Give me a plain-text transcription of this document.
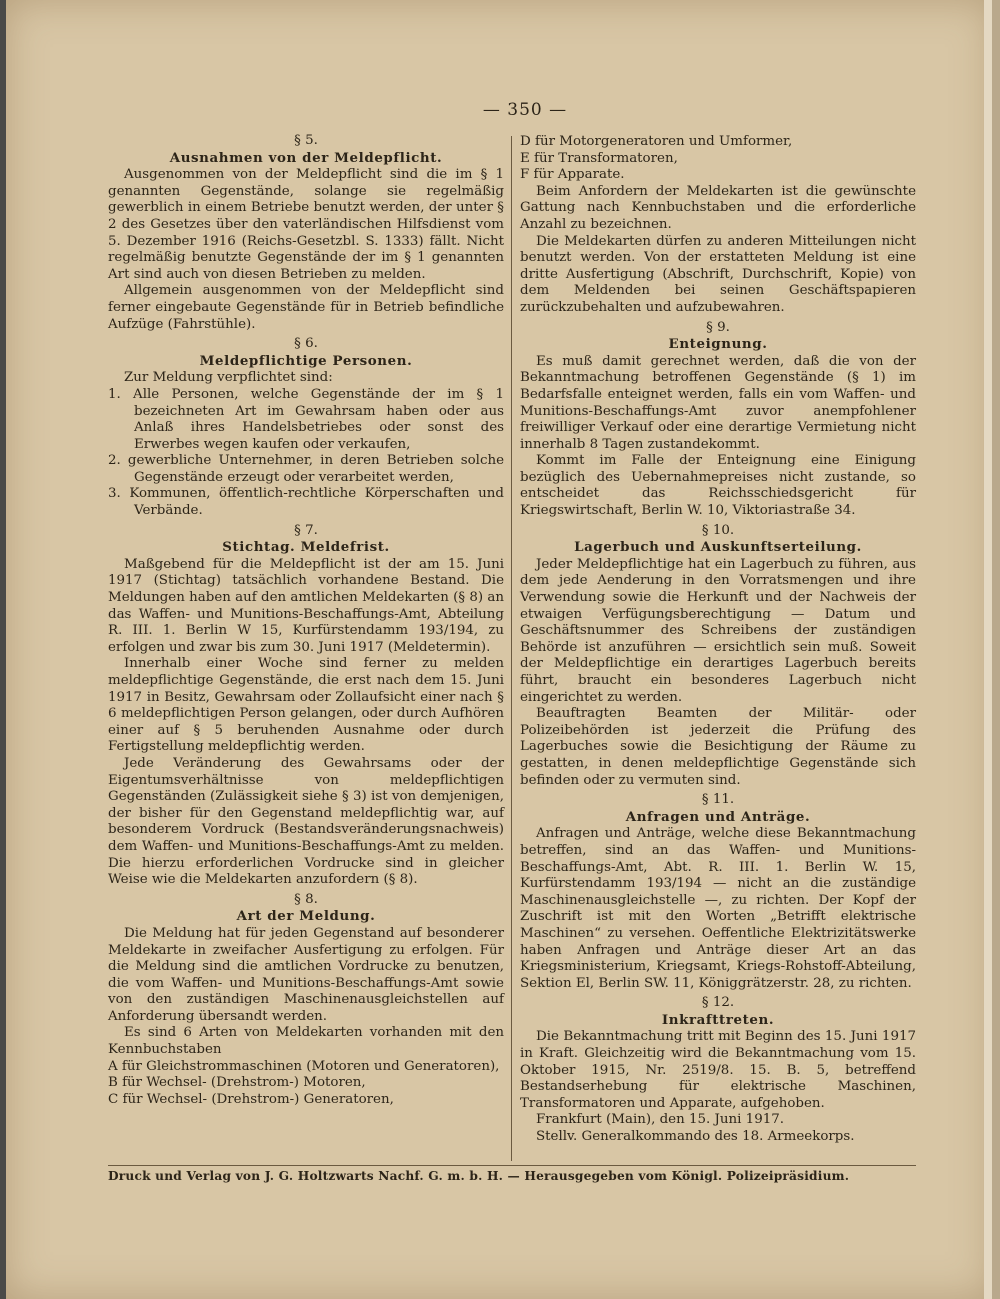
— 350 —
§ 5.
Ausnahmen von der Meldepflicht.

Ausgenommen von der Meldepflicht sind die im § 1 genannten Gegenstände, solange sie regelmäßig gewerblich in einem Betriebe benutzt werden, der unter § 2 des Gesetzes über den vaterländischen Hilfsdienst vom 5. Dezember 1916 (Reichs-Gesetzbl. S. 1333) fällt. Nicht regelmäßig benutzte Gegenstände der im § 1 genannten Art sind auch von diesen Betrieben zu melden.

Allgemein ausgenommen von der Meldepflicht sind ferner eingebaute Gegenstände für in Betrieb befindliche Aufzüge (Fahrstühle).

§ 6.
Meldepflichtige Personen.

Zur Meldung verpflichtet sind:

1. Alle Personen, welche Gegenstände der im § 1 bezeichneten Art im Gewahrsam haben oder aus Anlaß ihres Handelsbetriebes oder sonst des Erwerbes wegen kaufen oder verkaufen,

2. gewerbliche Unternehmer, in deren Betrieben solche Gegenstände erzeugt oder verarbeitet werden,

3. Kommunen, öffentlich-rechtliche Körperschaften und Verbände.

§ 7.
Stichtag. Meldefrist.

Maßgebend für die Meldepflicht ist der am 15. Juni 1917 (Stichtag) tatsächlich vorhandene Bestand. Die Meldungen haben auf den amtlichen Meldekarten (§ 8) an das Waffen- und Munitions-Beschaffungs-Amt, Abteilung R. III. 1. Berlin W 15, Kurfürstendamm 193/194, zu erfolgen und zwar bis zum 30. Juni 1917 (Meldetermin).

Innerhalb einer Woche sind ferner zu melden meldepflichtige Gegenstände, die erst nach dem 15. Juni 1917 in Besitz, Gewahrsam oder Zollaufsicht einer nach § 6 meldepflichtigen Person gelangen, oder durch Aufhören einer auf § 5 beruhenden Ausnahme oder durch Fertigstellung meldepflichtig werden.

Jede Veränderung des Gewahrsams oder der Eigentumsverhältnisse von meldepflichtigen Gegenständen (Zulässigkeit siehe § 3) ist von demjenigen, der bisher für den Gegenstand meldepflichtig war, auf besonderem Vordruck (Bestandsveränderungsnachweis) dem Waffen- und Munitions-Beschaffungs-Amt zu melden. Die hierzu erforderlichen Vordrucke sind in gleicher Weise wie die Meldekarten anzufordern (§ 8).

§ 8.
Art der Meldung.

Die Meldung hat für jeden Gegenstand auf besonderer Meldekarte in zweifacher Ausfertigung zu erfolgen. Für die Meldung sind die amtlichen Vordrucke zu benutzen, die vom Waffen- und Munitions-Beschaffungs-Amt sowie von den zuständigen Maschinenausgleichstellen auf Anforderung übersandt werden.

Es sind 6 Arten von Meldekarten vorhanden mit den Kennbuchstaben

A für Gleichstrommaschinen (Motoren und Generatoren),

B für Wechsel- (Drehstrom-) Motoren,

C für Wechsel- (Drehstrom-) Generatoren,

D für Motorgeneratoren und Umformer,

E für Transformatoren,

F für Apparate.

Beim Anfordern der Meldekarten ist die gewünschte Gattung nach Kennbuchstaben und die erforderliche Anzahl zu bezeichnen.

Die Meldekarten dürfen zu anderen Mitteilungen nicht benutzt werden. Von der erstatteten Meldung ist eine dritte Ausfertigung (Abschrift, Durchschrift, Kopie) von dem Meldenden bei seinen Geschäftspapieren zurückzubehalten und aufzubewahren.

§ 9.
Enteignung.

Es muß damit gerechnet werden, daß die von der Bekanntmachung betroffenen Gegenstände (§ 1) im Bedarfsfalle enteignet werden, falls ein vom Waffen- und Munitions-Beschaffungs-Amt zuvor anempfohlener freiwilliger Verkauf oder eine derartige Vermietung nicht innerhalb 8 Tagen zustandekommt.

Kommt im Falle der Enteignung eine Einigung bezüglich des Uebernahmepreises nicht zustande, so entscheidet das Reichsschiedsgericht für Kriegswirtschaft, Berlin W. 10, Viktoriastraße 34.

§ 10.
Lagerbuch und Auskunftserteilung.

Jeder Meldepflichtige hat ein Lagerbuch zu führen, aus dem jede Aenderung in den Vorratsmengen und ihre Verwendung sowie die Herkunft und der Nachweis der etwaigen Verfügungsberechtigung — Datum und Geschäftsnummer des Schreibens der zuständigen Behörde ist anzuführen — ersichtlich sein muß. Soweit der Meldepflichtige ein derartiges Lagerbuch bereits führt, braucht ein besonderes Lagerbuch nicht eingerichtet zu werden.

Beauftragten Beamten der Militär- oder Polizeibehörden ist jederzeit die Prüfung des Lagerbuches sowie die Besichtigung der Räume zu gestatten, in denen meldepflichtige Gegenstände sich befinden oder zu vermuten sind.

§ 11.
Anfragen und Anträge.

Anfragen und Anträge, welche diese Bekanntmachung betreffen, sind an das Waffen- und Munitions-Beschaffungs-Amt, Abt. R. III. 1. Berlin W. 15, Kurfürstendamm 193/194 — nicht an die zuständige Maschinenausgleichstelle —, zu richten. Der Kopf der Zuschrift ist mit den Worten „Betrifft elektrische Maschinen“ zu versehen. Oeffentliche Elektrizitätswerke haben Anfragen und Anträge dieser Art an das Kriegsministerium, Kriegsamt, Kriegs-Rohstoff-Abteilung, Sektion El, Berlin SW. 11, Königgrätzerstr. 28, zu richten.

§ 12.
Inkrafttreten.

Die Bekanntmachung tritt mit Beginn des 15. Juni 1917 in Kraft. Gleichzeitig wird die Bekanntmachung vom 15. Oktober 1915, Nr. 2519/8. 15. B. 5, betreffend Bestandserhebung für elektrische Maschinen, Transformatoren und Apparate, aufgehoben.

Frankfurt (Main), den 15. Juni 1917.

Stellv. Generalkommando des 18. Armeekorps.

Druck und Verlag von J. G. Holtzwarts Nachf. G. m. b. H. — Herausgegeben vom Königl. Polizeipräsidium.
